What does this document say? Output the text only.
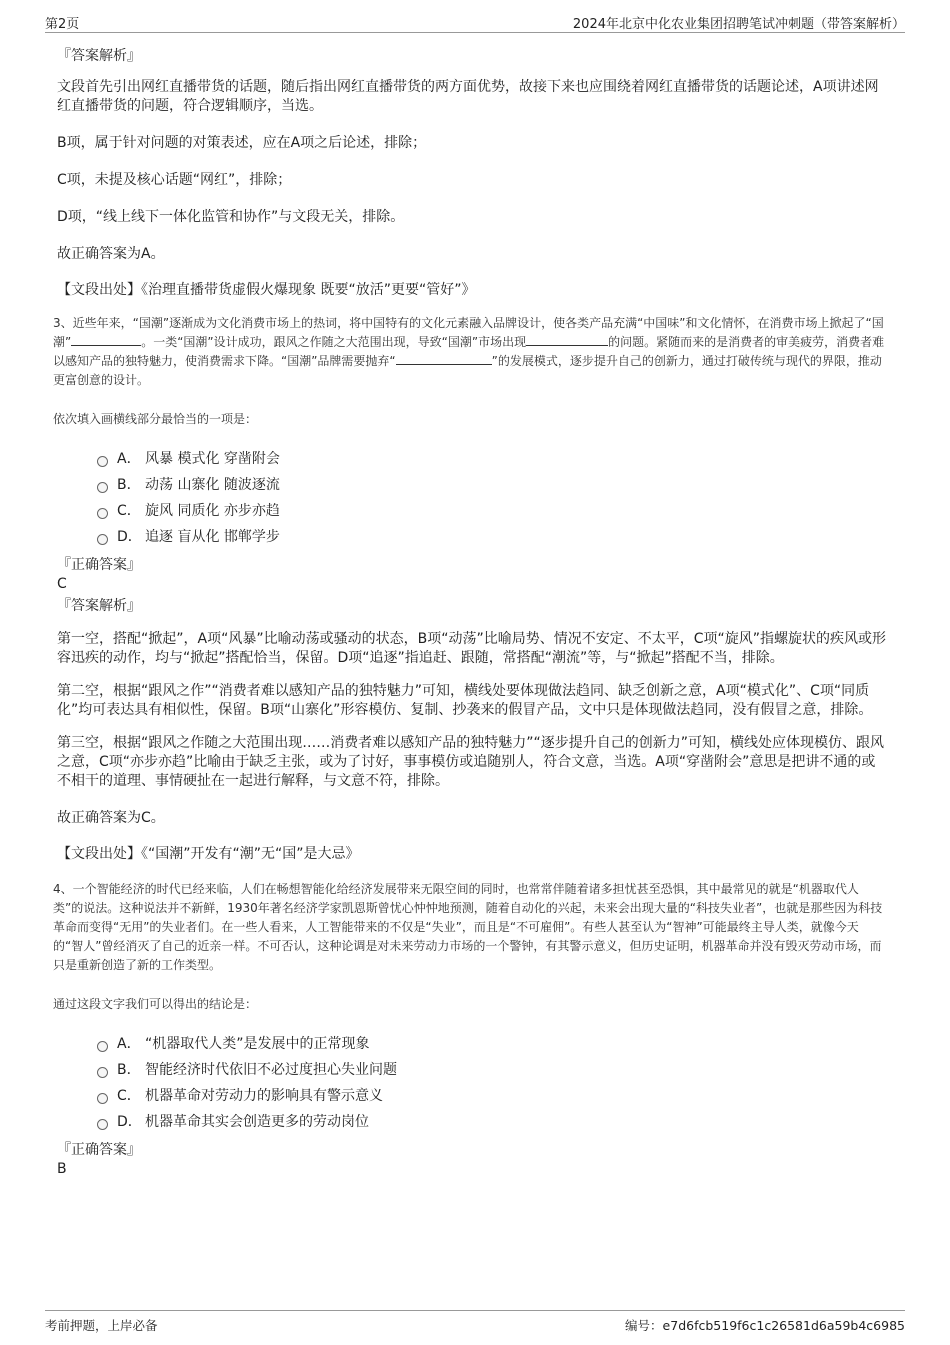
第2页	2024年北京中化农业集团招聘笔试冲刺题（带答案解析）
『答案解析』
文段首先引出网红直播带货的话题，随后指出网红直播带货的两方面优势，故接下来也应围绕着网红直播带货的话题论述，A项讲述网红直播带货的问题，符合逻辑顺序，当选。
B项，属于针对问题的对策表述，应在A项之后论述，排除；
C项，未提及核心话题“网红”，排除；
D项，“线上线下一体化监管和协作”与文段无关，排除。
故正确答案为A。
【文段出处】《治理直播带货虚假火爆现象 既要“放活”更要“管好”》
3、近些年来，“国潮”逐渐成为文化消费市场上的热词，将中国特有的文化元素融入品牌设计，使各类产品充满“中国味”和文化情怀，在消费市场上掀起了“国潮”	。一类“国潮”设计成功，跟风之作随之大范围出现，导致“国潮”市场出现	的问题。紧随而来的是消费者的审美疲劳，消费者难以感知产品的独特魅力，使消费需求下降。“国潮”品牌需要抛弃“	”的发展模式，逐步提升自己的创新力，通过打破传统与现代的界限，推动更富创意的设计。
依次填入画横线部分最恰当的一项是：
A． 风暴 模式化 穿凿附会
B． 动荡 山寨化 随波逐流
C． 旋风 同质化 亦步亦趋
D． 追逐 盲从化 邯郸学步
『正确答案』
C
『答案解析』
第一空，搭配“掀起”，A项“风暴”比喻动荡或骚动的状态，B项“动荡”比喻局势、情况不安定、不太平，C项“旋风”指螺旋状的疾风或形容迅疾的动作，均与“掀起”搭配恰当，保留。D项“追逐”指追赶、跟随，常搭配“潮流”等，与“掀起”搭配不当，排除。
第二空，根据“跟风之作”“消费者难以感知产品的独特魅力”可知，横线处要体现做法趋同、缺乏创新之意，A项“模式化”、C项“同质化”均可表达具有相似性，保留。B项“山寨化”形容模仿、复制、抄袭来的假冒产品，文中只是体现做法趋同，没有假冒之意，排除。
第三空，根据“跟风之作随之大范围出现……消费者难以感知产品的独特魅力”“逐步提升自己的创新力”可知，横线处应体现模仿、跟风之意，C项“亦步亦趋”比喻由于缺乏主张，或为了讨好，事事模仿或追随别人，符合文意，当选。A项“穿凿附会”意思是把讲不通的或不相干的道理、事情硬扯在一起进行解释，与文意不符，排除。
故正确答案为C。
【文段出处】《“国潮”开发有“潮”无“国”是大忌》
4、一个智能经济的时代已经来临，人们在畅想智能化给经济发展带来无限空间的同时，也常常伴随着诸多担忧甚至恐惧，其中最常见的就是“机器取代人类”的说法。这种说法并不新鲜，1930年著名经济学家凯恩斯曾忧心忡忡地预测，随着自动化的兴起，未来会出现大量的“科技失业者”，也就是那些因为科技革命而变得“无用”的失业者们。在一些人看来，人工智能带来的不仅是“失业”，而且是“不可雇佣”。有些人甚至认为“智神”可能最终主导人类，就像今天的“智人”曾经消灭了自己的近亲一样。不可否认，这种论调是对未来劳动力市场的一个警钟，有其警示意义，但历史证明，机器革命并没有毁灭劳动市场，而只是重新创造了新的工作类型。
通过这段文字我们可以得出的结论是：
A． “机器取代人类”是发展中的正常现象
B． 智能经济时代依旧不必过度担心失业问题
C． 机器革命对劳动力的影响具有警示意义
D． 机器革命其实会创造更多的劳动岗位
『正确答案』
B
考前押题，上岸必备	编号：e7d6fcb519f6c1c26581d6a59b4c6985
